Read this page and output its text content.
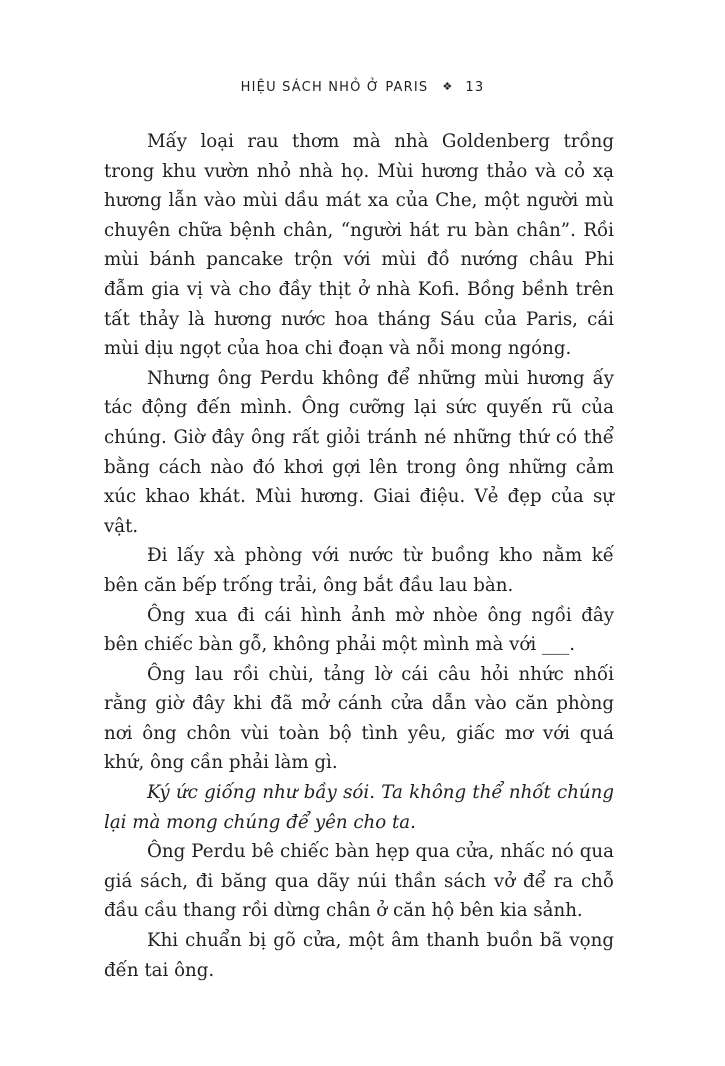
HIỆU SÁCH NHỎ Ở PARIS ❖ 13

Mấy loại rau thơm mà nhà Goldenberg trồng trong khu vườn nhỏ nhà họ. Mùi hương thảo và cỏ xạ hương lẫn vào mùi dầu mát xa của Che, một người mù chuyên chữa bệnh chân, “người hát ru bàn chân”. Rồi mùi bánh pancake trộn với mùi đồ nướng châu Phi đẫm gia vị và cho đầy thịt ở nhà Kofi. Bồng bềnh trên tất thảy là hương nước hoa tháng Sáu của Paris, cái mùi dịu ngọt của hoa chi đoạn và nỗi mong ngóng.

Nhưng ông Perdu không để những mùi hương ấy tác động đến mình. Ông cưỡng lại sức quyến rũ của chúng. Giờ đây ông rất giỏi tránh né những thứ có thể bằng cách nào đó khơi gợi lên trong ông những cảm xúc khao khát. Mùi hương. Giai điệu. Vẻ đẹp của sự vật.

Đi lấy xà phòng với nước từ buồng kho nằm kế bên căn bếp trống trải, ông bắt đầu lau bàn.

Ông xua đi cái hình ảnh mờ nhòe ông ngồi đây bên chiếc bàn gỗ, không phải một mình mà với ___.

Ông lau rồi chùi, tảng lờ cái câu hỏi nhức nhối rằng giờ đây khi đã mở cánh cửa dẫn vào căn phòng nơi ông chôn vùi toàn bộ tình yêu, giấc mơ với quá khứ, ông cần phải làm gì.

Ký ức giống như bầy sói. Ta không thể nhốt chúng lại mà mong chúng để yên cho ta.

Ông Perdu bê chiếc bàn hẹp qua cửa, nhấc nó qua giá sách, đi băng qua dãy núi thần sách vở để ra chỗ đầu cầu thang rồi dừng chân ở căn hộ bên kia sảnh.

Khi chuẩn bị gõ cửa, một âm thanh buồn bã vọng đến tai ông.
